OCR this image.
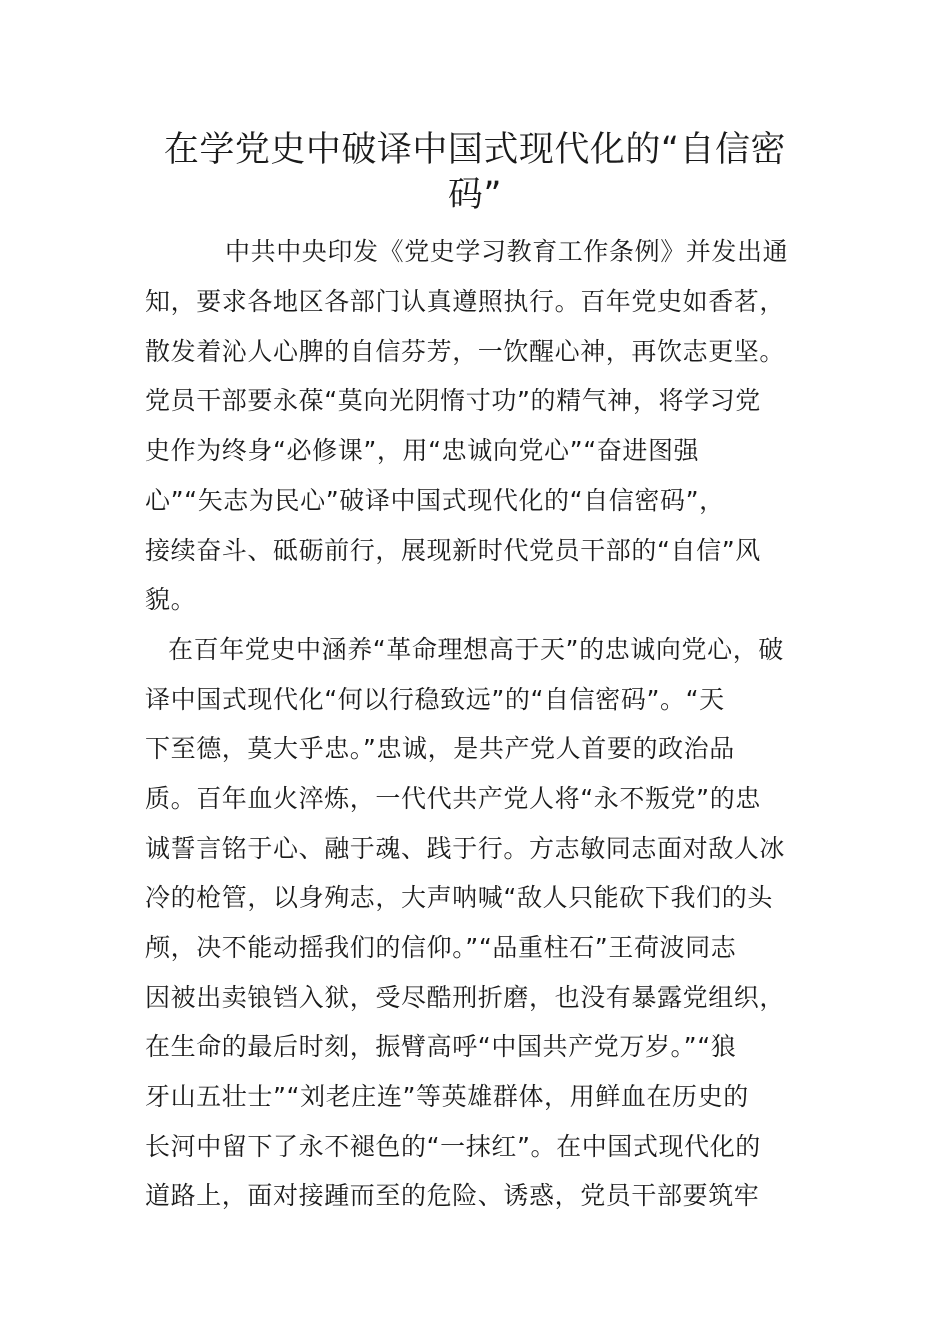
在学党史中破译中国式现代化的“自信密码”
中共中央印发《党史学习教育工作条例》并发出通
知，要求各地区各部门认真遵照执行。百年党史如香茗，
散发着沁人心脾的自信芬芳，一饮醒心神，再饮志更坚。
党员干部要永葆“莫向光阴惰寸功”的精气神，将学习党
史作为终身“必修课”，用“忠诚向党心”“奋进图强
心”“矢志为民心”破译中国式现代化的“自信密码”，
接续奋斗、砥砺前行，展现新时代党员干部的“自信”风
貌。
在百年党史中涵养“革命理想高于天”的忠诚向党心，破
译中国式现代化“何以行稳致远”的“自信密码”。“天
下至德，莫大乎忠。”忠诚，是共产党人首要的政治品
质。百年血火淬炼，一代代共产党人将“永不叛党”的忠
诚誓言铭于心、融于魂、践于行。方志敏同志面对敌人冰
冷的枪管，以身殉志，大声呐喊“敌人只能砍下我们的头
颅，决不能动摇我们的信仰。”“品重柱石”王荷波同志
因被出卖锒铛入狱，受尽酷刑折磨，也没有暴露党组织，
在生命的最后时刻，振臂高呼“中国共产党万岁。”“狼
牙山五壮士”“刘老庄连”等英雄群体，用鲜血在历史的
长河中留下了永不褪色的“一抹红”。在中国式现代化的
道路上，面对接踵而至的危险、诱惑，党员干部要筑牢
